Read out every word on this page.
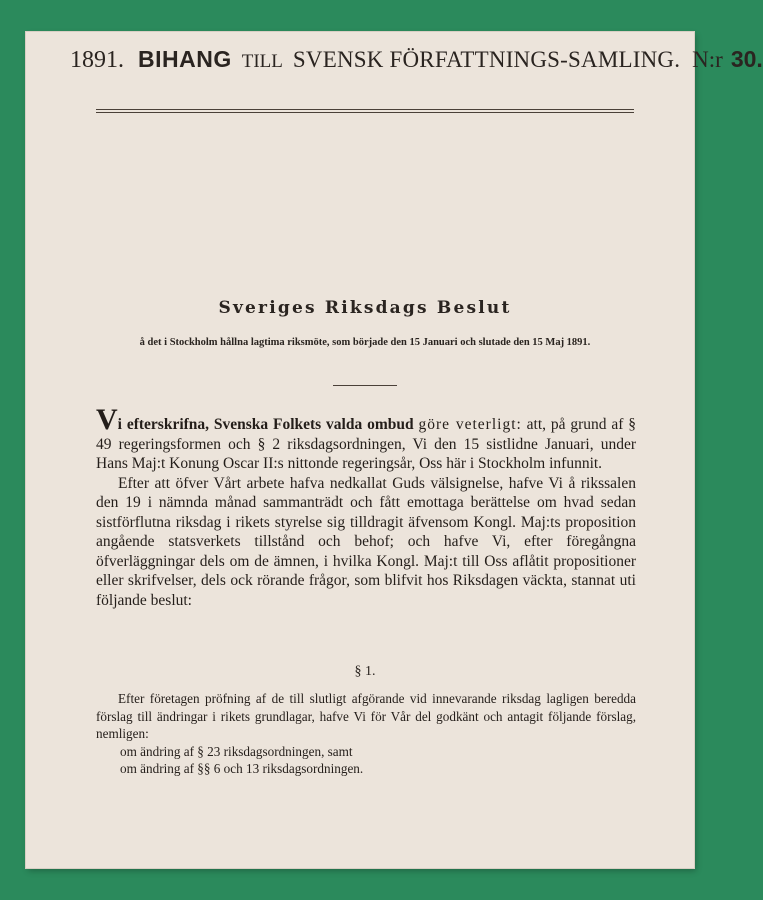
1891. BIHANG TILL SVENSK FÖRFATTNINGS-SAMLING. N:r 30.
Sveriges Riksdags Beslut
å det i Stockholm hållna lagtima riksmöte, som började den 15 Januari och slutade den 15 Maj 1891.

Vi efterskrifna, Svenska Folkets valda ombud göre veterligt: att, på grund af § 49 regeringsformen och § 2 riksdagsordningen, Vi den 15 sistlidne Januari, under Hans Maj:t Konung Oscar II:s nittonde regeringsår, Oss här i Stockholm infunnit.

Efter att öfver Vårt arbete hafva nedkallat Guds välsignelse, hafve Vi å rikssalen den 19 i nämnda månad sammanträdt och fått emottaga berättelse om hvad sedan sistförflutna riksdag i rikets styrelse sig tilldragit äfvensom Kongl. Maj:ts proposition angående statsverkets tillstånd och behof; och hafve Vi, efter föregångna öfverläggningar dels om de ämnen, i hvilka Kongl. Maj:t till Oss aflåtit propositioner eller skrifvelser, dels ock rörande frågor, som blifvit hos Riksdagen väckta, stannat uti följande beslut:

§ 1.

Efter företagen pröfning af de till slutligt afgörande vid innevarande riksdag lagligen beredda förslag till ändringar i rikets grundlagar, hafve Vi för Vår del godkänt och antagit följande förslag, nemligen:

om ändring af § 23 riksdagsordningen, samt

om ändring af §§ 6 och 13 riksdagsordningen.
